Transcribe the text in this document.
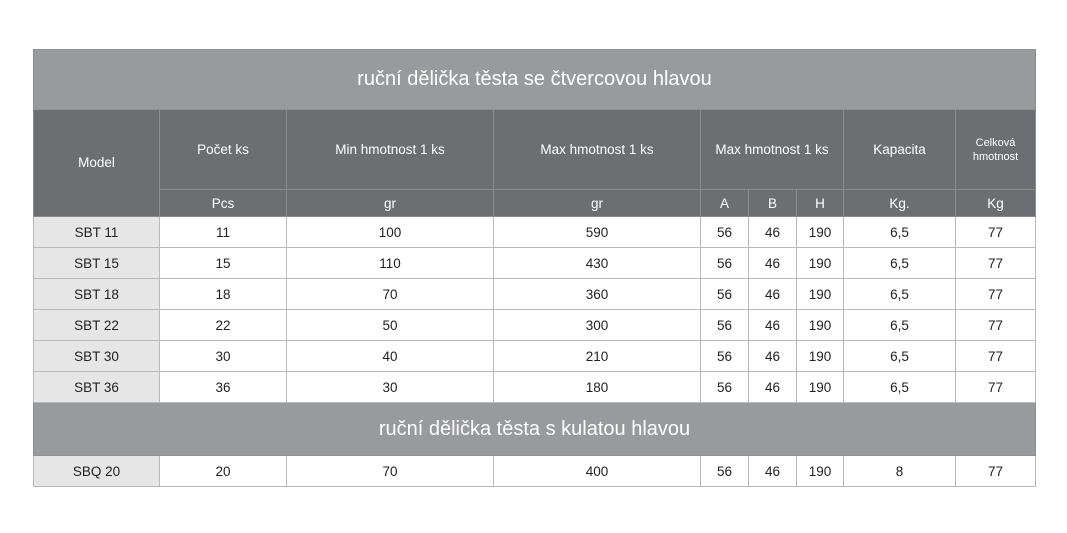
ruční dělička těsta se čtvercovou hlavou								
Model	Počet ks	Min hmotnost 1 ks	Max hmotnost 1 ks	Max hmotnost 1 ks			Kapacita	Celková hmotnost
	Pcs	gr	gr	A	B	H	Kg.	Kg
SBT 11	11	100	590	56	46	190	6,5	77
SBT 15	15	110	430	56	46	190	6,5	77
SBT 18	18	70	360	56	46	190	6,5	77
SBT 22	22	50	300	56	46	190	6,5	77
SBT 30	30	40	210	56	46	190	6,5	77
SBT 36	36	30	180	56	46	190	6,5	77
ruční dělička těsta s kulatou hlavou								
SBQ 20	20	70	400	56	46	190	8	77
